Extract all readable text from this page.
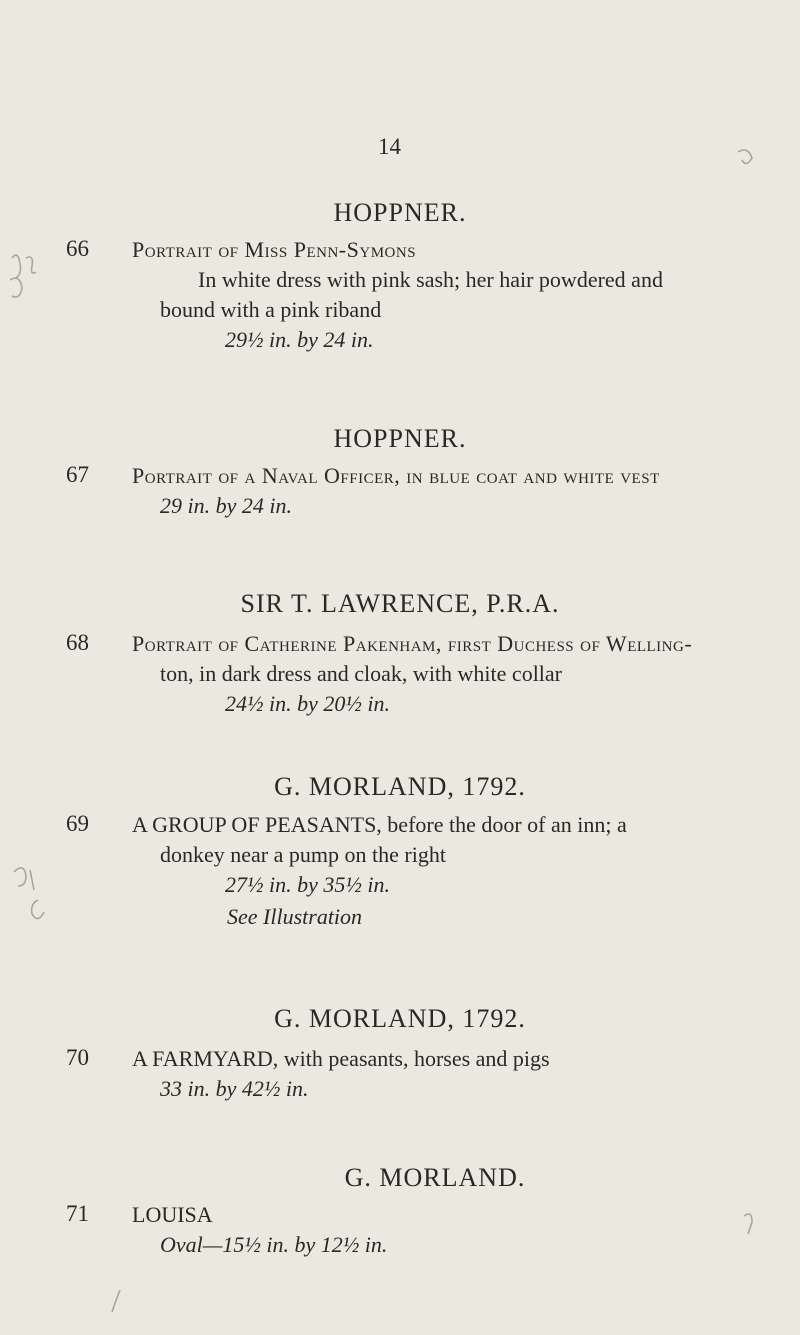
14
HOPPNER.
66 Portrait of Miss Penn-Symons
In white dress with pink sash; her hair powdered and
bound with a pink riband
29½ in. by 24 in.
HOPPNER.
67 Portrait of a Naval Officer, in blue coat and white vest
29 in. by 24 in.
SIR T. LAWRENCE, P.R.A.
68 Portrait of Catherine Pakenham, first Duchess of Welling-
ton, in dark dress and cloak, with white collar
24½ in. by 20½ in.
G. MORLAND, 1792.
69 A GROUP OF PEASANTS, before the door of an inn; a
donkey near a pump on the right
27½ in. by 35½ in.
See Illustration
G. MORLAND, 1792.
70 A FARMYARD, with peasants, horses and pigs
33 in. by 42½ in.
G. MORLAND.
71 LOUISA
Oval—15½ in. by 12½ in.
